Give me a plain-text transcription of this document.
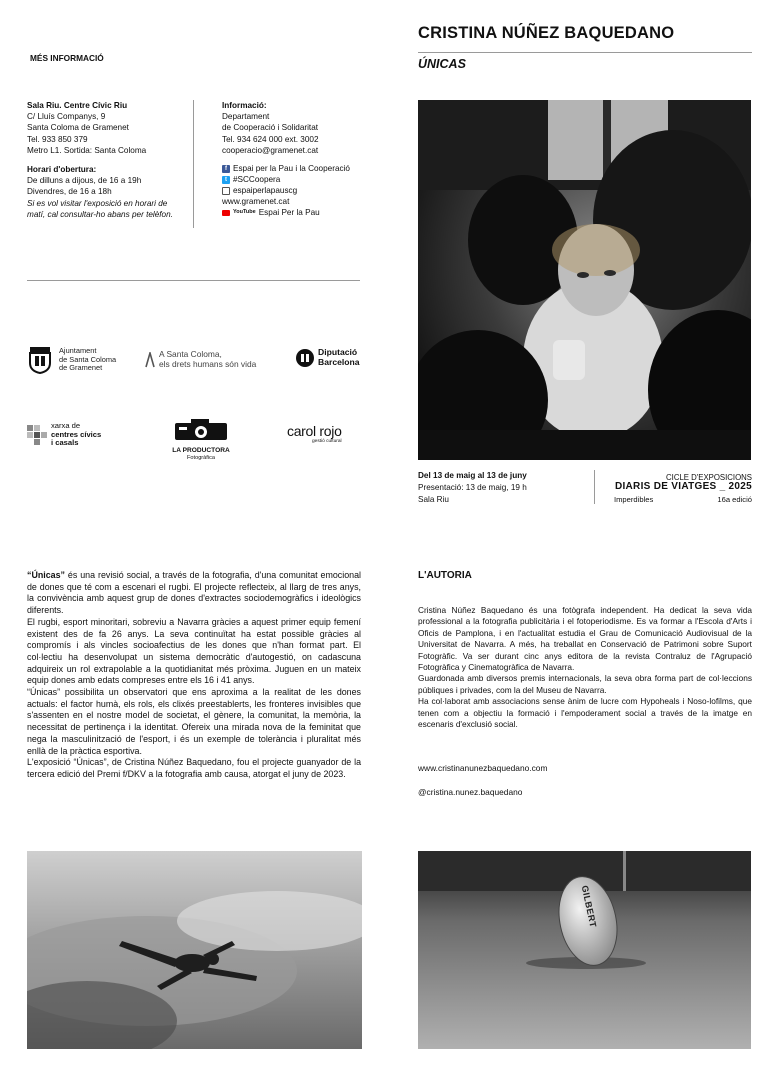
CRISTINA NÚÑEZ BAQUEDANO
ÚNICAS
Del 13 de maig al 13 de juny
Presentació: 13 de maig, 19 h
Sala Riu
CICLE D'EXPOSICIONS
DIARIS DE VIATGES _ 2025
Imperdibles	16a edició
MÉS INFORMACIÓ
Sala Riu. Centre Cívic Riu
C/ Lluís Companys, 9
Santa Coloma de Gramenet
Tel. 933 850 379
Metro L1. Sortida: Santa Coloma
Horari d'obertura:
De dilluns a dijous, de 16 a 19h
Divendres, de 16 a 18h
Si es vol visitar l'exposició en horari de
matí, cal consultar-ho abans per telèfon.
Informació:
Departament
de Cooperació i Solidaritat
Tel. 934 624 000 ext. 3002
cooperacio@gramenet.cat
f Espai per la Pau i la Cooperació
t #SCCoopera
espaiperlapauscg
www.gramenet.cat
YouTube Espai Per la Pau
Ajuntament
de Santa Coloma
de Gramenet
A Santa Coloma,
els drets humans són vida
Diputació
Barcelona
xarxa de
centres cívics
i casals
LA PRODUCTORA
Fotogràfica
carol rojo
gestió cultural

“Únicas” és una revisió social, a través de la fotografia, d'una comunitat emocional de dones que té com a escenari el rugbi. El projecte reflecteix, al llarg de tres anys, la convivència amb aquest grup de dones d'extractes sociodemogràfics i ideològics diferents.

El rugbi, esport minoritari, sobreviu a Navarra gràcies a aquest primer equip femení existent des de fa 26 anys. La seva continuïtat ha estat possible gràcies al compromís i als vincles socioafectius de les dones que n'han format part. El col·lectiu ha desenvolupat un sistema democràtic d'autogestió, on cadascuna adquireix un rol extrapolable a la quotidianitat més pròxima. Juguen en un mateix equip dones amb edats compreses entre els 16 i 41 anys.

“Únicas” possibilita un observatori que ens aproxima a la realitat de les dones actuals: el factor humà, els rols, els clixés preestablerts, les fronteres invisibles que s'assenten en el nostre model de societat, el gènere, la comunitat, la memòria, la necessitat de pertinença i la identitat. Ofereix una mirada nova de la feminitat que nega la masculinització de l'esport, i és un exemple de tolerància i pluralitat més enllà de la pràctica esportiva.

L'exposició “Únicas”, de Cristina Núñez Baquedano, fou el projecte guanyador de la tercera edició del Premi f/DKV a la fotografia amb causa, atorgat el juny de 2023.

L'AUTORIA

Cristina Núñez Baquedano és una fotògrafa independent. Ha dedicat la seva vida professional a la fotografia publicitària i el fotoperiodisme. Es va formar a l'Escola d'Arts i Oficis de Pamplona, i en l'actualitat estudia el Grau de Comunicació Audiovisual de la Universitat de Navarra. A més, ha treballat en Conservació de Patrimoni sobre Suport Fotogràfic. Va ser durant cinc anys editora de la revista Contraluz de l'Agrupació Fotogràfica y Cinematogràfica de Navarra.

Guardonada amb diversos premis internacionals, la seva obra forma part de col·leccions públiques i privades, com la del Museu de Navarra.

Ha col·laborat amb associacions sense ànim de lucre com Hypoheals i Noso-lofilms, que tenen com a objectiu la formació i l'empoderament social a través de la imatge en escenaris d'exclusió social.

www.cristinanunezbaquedano.com
@cristina.nunez.baquedano
GILBERT
